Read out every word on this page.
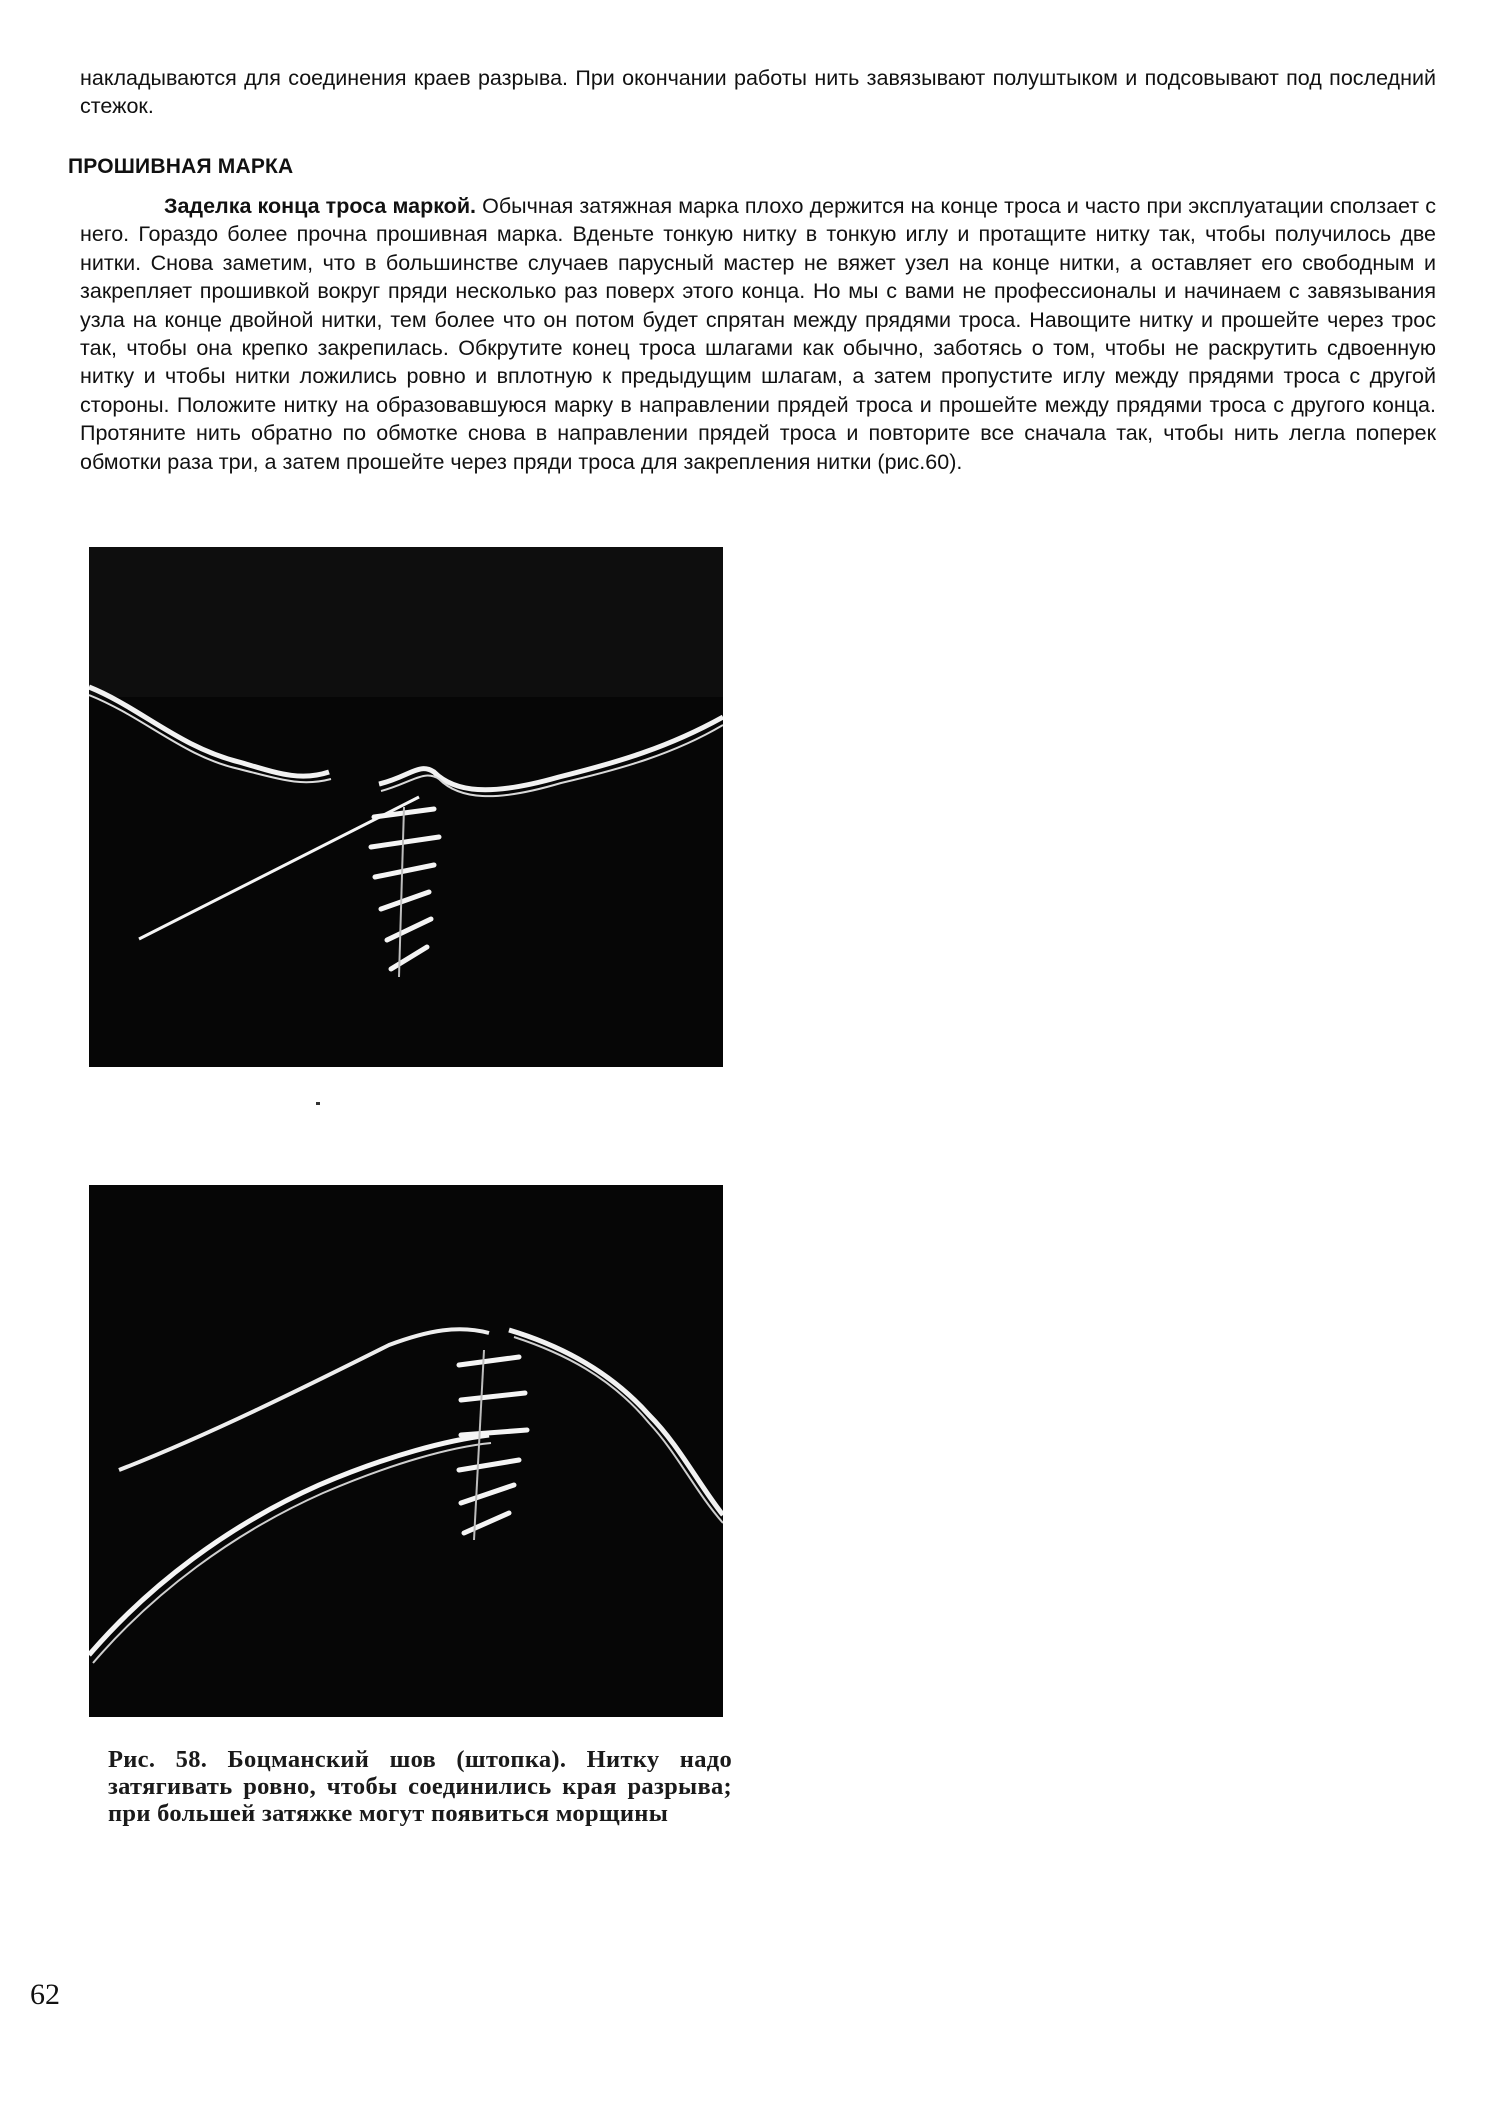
накладываются для соединения краев разрыва. При окончании работы нить завязывают полуштыком и подсовывают под последний стежок.

ПРОШИВНАЯ МАРКА

Заделка конца троса маркой. Обычная затяжная марка плохо держится на конце троса и часто при эксплуатации сползает с него. Гораздо более прочна прошивная марка. Вденьте тонкую нитку в тонкую иглу и протащите нитку так, чтобы получилось две нитки. Снова заметим, что в большинстве случаев парусный мастер не вяжет узел на конце нитки, а оставляет его свободным и закрепляет прошивкой вокруг пряди несколько раз поверх этого конца. Но мы с вами не профессионалы и начинаем с завязывания узла на конце двойной нитки, тем более что он потом будет спрятан между прядями троса. Навощите нитку и прошейте через трос так, чтобы она крепко закрепилась. Обкрутите конец троса шлагами как обычно, заботясь о том, чтобы не раскрутить сдвоенную нитку и чтобы нитки ложились ровно и вплотную к предыдущим шлагам, а затем пропустите иглу между прядями троса с другой стороны. Положите нитку на образовавшуюся марку в направлении прядей троса и прошейте между прядями троса с другого конца. Протяните нить обратно по обмотке снова в направлении прядей троса и повторите все сначала так, чтобы нить легла поперек обмотки раза три, а затем прошейте через пряди троса для закрепления нитки (рис.60).

Рис. 58. Боцманский шов (штопка). Нитку надо затягивать ровно, чтобы соединились края разрыва; при большей затяжке могут появиться морщины
62
